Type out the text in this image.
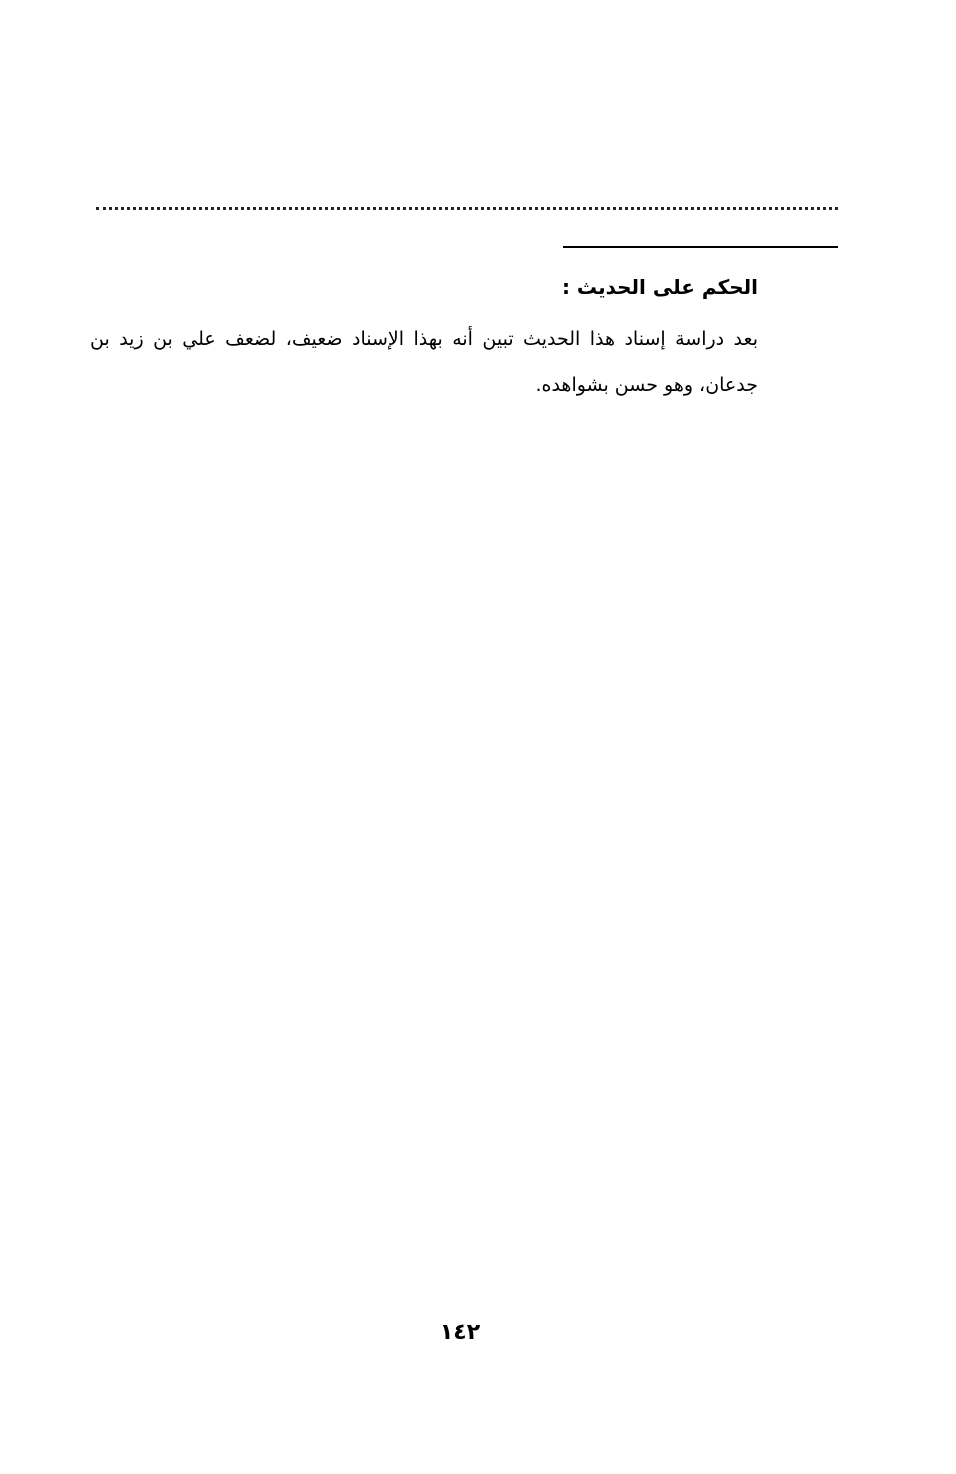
الحكم على الحديث :

بعد دراسة إسناد هذا الحديث تبين أنه بهذا الإسناد ضعيف، لضعف علي بن زيد بن جدعان، وهو حسن بشواهده.

١٤٢
